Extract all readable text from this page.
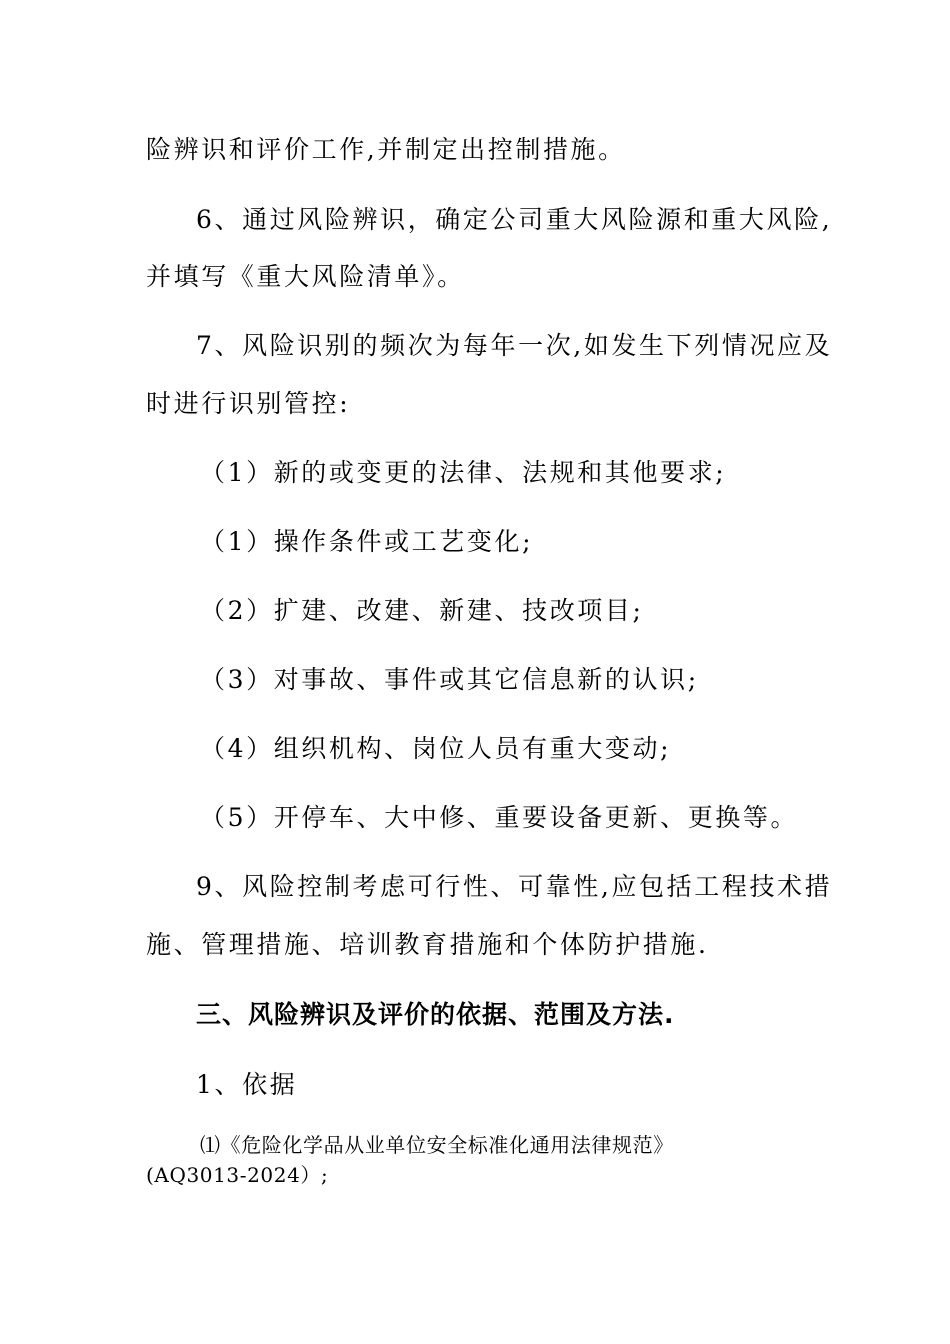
险辨识和评价工作,并制定出控制措施。
6、通过风险辨识，确定公司重大风险源和重大风险,
并填写《重大风险清单》。
7、风险识别的频次为每年一次,如发生下列情况应及
时进行识别管控:
（1）新的或变更的法律、法规和其他要求;
（1）操作条件或工艺变化;
（2）扩建、改建、新建、技改项目;
（3）对事故、事件或其它信息新的认识;
（4）组织机构、岗位人员有重大变动;
（5）开停车、大中修、重要设备更新、更换等。
9、风险控制考虑可行性、可靠性,应包括工程技术措
施、管理措施、培训教育措施和个体防护措施.
三、风险辨识及评价的依据、范围及方法.
1、依据
⑴《危险化学品从业单位安全标准化通用法律规范》
(AQ3013-2024）;
